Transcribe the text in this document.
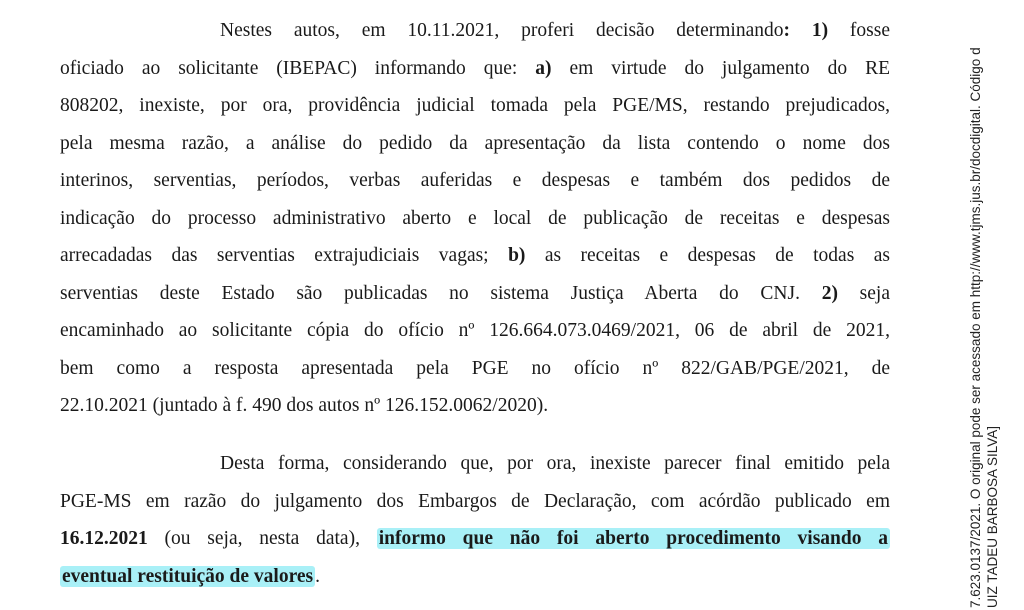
Nestes autos, em 10.11.2021, proferi decisão determinando: 1) fosse
oficiado ao solicitante (IBEPAC) informando que: a) em virtude do julgamento do RE
808202, inexiste, por ora, providência judicial tomada pela PGE/MS, restando prejudicados,
pela mesma razão, a análise do pedido da apresentação da lista contendo o nome dos
interinos, serventias, períodos, verbas auferidas e despesas e também dos pedidos de
indicação do processo administrativo aberto e local de publicação de receitas e despesas
arrecadadas das serventias extrajudiciais vagas; b) as receitas e despesas de todas as
serventias deste Estado são publicadas no sistema Justiça Aberta do CNJ. 2) seja
encaminhado ao solicitante cópia do ofício nº 126.664.073.0469/2021, 06 de abril de 2021,
bem como a resposta apresentada pela PGE no ofício nº 822/GAB/PGE/2021, de
22.10.2021 (juntado à f. 490 dos autos nº 126.152.0062/2020).
Desta forma, considerando que, por ora, inexiste parecer final emitido pela
PGE-MS em razão do julgamento dos Embargos de Declaração, com acórdão publicado em
16.12.2021 (ou seja, nesta data), informo que não foi aberto procedimento visando a
eventual restituição de valores .	7.623.0137/2021. O original pode ser acessado em http://www.tjms.jus.br/docdigital. Código d UIZ TADEU BARBOSA SILVA]
